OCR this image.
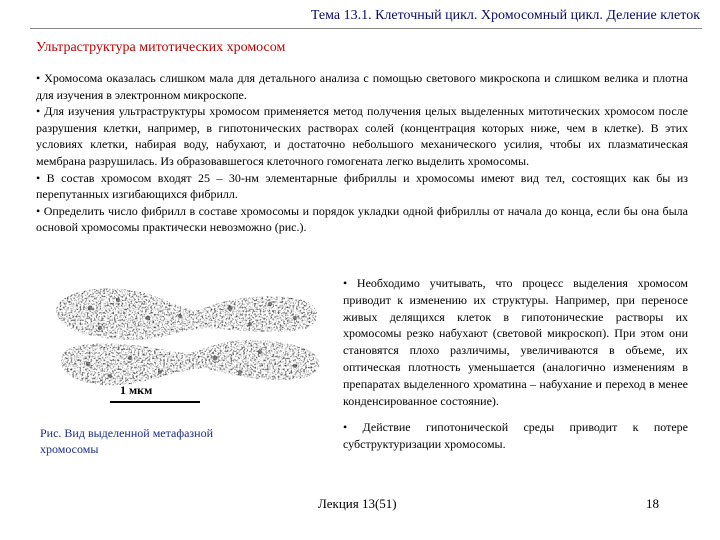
Тема 13.1. Клеточный цикл. Хромосомный цикл. Деление клеток
Ультраструктура митотических хромосом

• Хромосома оказалась слишком мала для детального анализа с помощью светового микроскопа и слишком велика и плотна для изучения в электронном микроскопе.

• Для изучения ультраструктуры хромосом применяется метод получения целых выделенных митотических хромосом после разрушения клетки, например, в гипотонических растворах солей (концентрация которых ниже, чем в клетке). В этих условиях клетки, набирая воду, набухают, и достаточно небольшого механического усилия, чтобы их плазматическая мембрана разрушилась. Из образовавшегося клеточного гомогената легко выделить хромосомы.

• В состав хромосом входят 25 – 30-нм элементарные фибриллы и хромосомы имеют вид тел, состоящих как бы из перепутанных изгибающихся фибрилл.

• Определить число фибрилл в составе хромосомы и порядок укладки одной фибриллы от начала до конца, если бы она была основой хромосомы практически невозможно (рис.).

1 мкм
Рис. Вид выделенной метафазной хромосомы

• Необходимо учитывать, что процесс выделения хромосом приводит к изменению их структуры. Например, при переносе живых делящихся клеток в гипотонические растворы их хромосомы резко набухают (световой микроскоп). При этом они становятся плохо различимы, увеличиваются в объеме, их оптическая плотность уменьшается (аналогично изменениям в препаратах выделенного хроматина – набухание и переход в менее конденсированное состояние).

• Действие гипотонической среды приводит к потере субструктуризации хромосомы.

Лекция 13(51)	18
